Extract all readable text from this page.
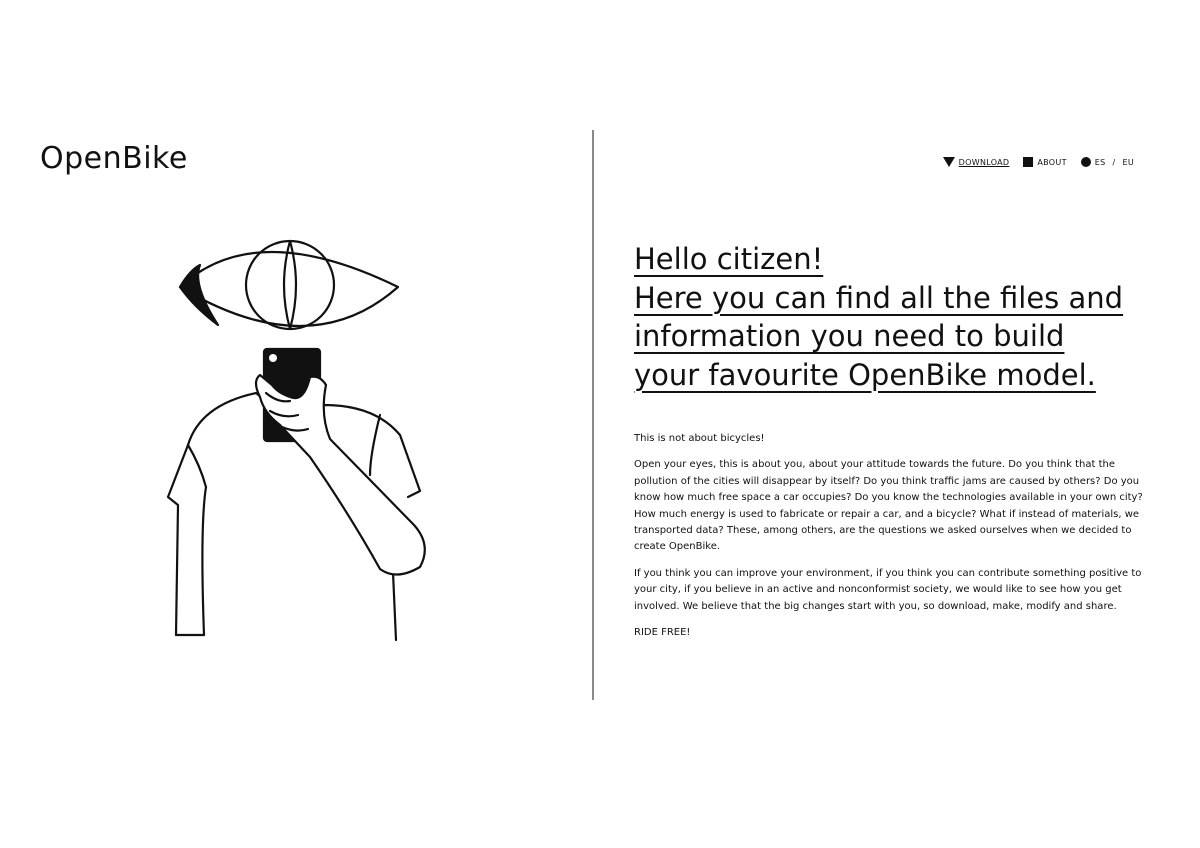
OpenBike	DOWNLOAD	ABOUT	ES / EU
Hello citizen!
Here you can find all the files and
information you need to build
your favourite OpenBike model.

This is not about bicycles!

Open your eyes, this is about you, about your attitude towards the future. Do you think that the pollution of the cities will disappear by itself? Do you think traffic jams are caused by others? Do you know how much free space a car occupies? Do you know the technologies available in your own city? How much energy is used to fabricate or repair a car, and a bicycle? What if instead of materials, we transported data? These, among others, are the questions we asked ourselves when we decided to create OpenBike.

If you think you can improve your environment, if you think you can contribute something positive to your city, if you believe in an active and nonconformist society, we would like to see how you get involved. We believe that the big changes start with you, so download, make, modify and share.

RIDE FREE!
